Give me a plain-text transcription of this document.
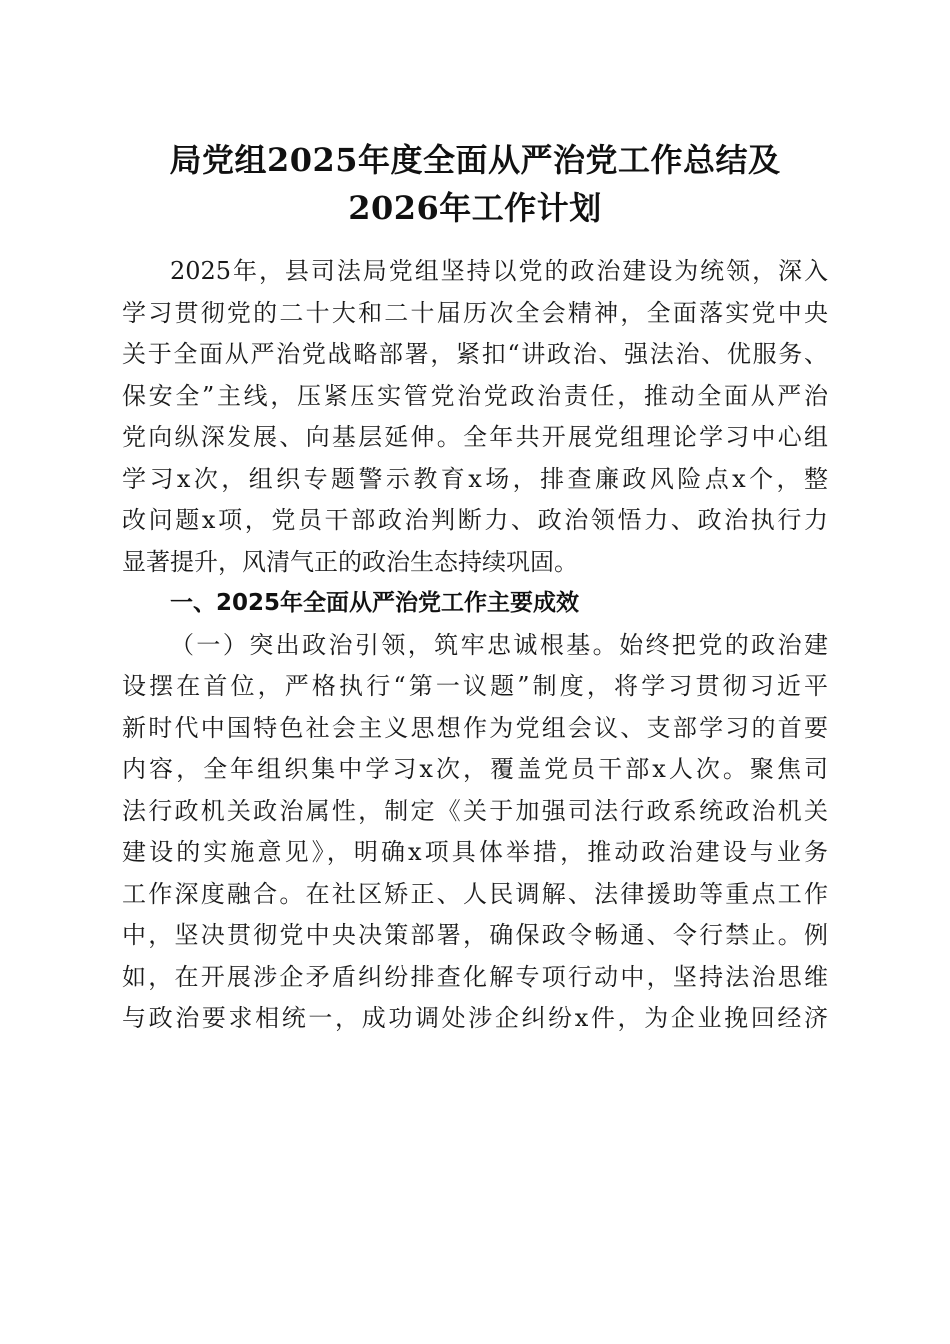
局党组2025年度全面从严治党工作总结及
2026年工作计划
2025年，县司法局党组坚持以党的政治建设为统领，深入
学习贯彻党的二十大和二十届历次全会精神，全面落实党中央
关于全面从严治党战略部署，紧扣“讲政治、强法治、优服务、
保安全”主线，压紧压实管党治党政治责任，推动全面从严治
党向纵深发展、向基层延伸。全年共开展党组理论学习中心组
学习x次，组织专题警示教育x场，排查廉政风险点x个，整
改问题x项，党员干部政治判断力、政治领悟力、政治执行力
显著提升，风清气正的政治生态持续巩固。
一、2025年全面从严治党工作主要成效
（一）突出政治引领，筑牢忠诚根基。始终把党的政治建
设摆在首位，严格执行“第一议题”制度，将学习贯彻习近平
新时代中国特色社会主义思想作为党组会议、支部学习的首要
内容，全年组织集中学习x次，覆盖党员干部x人次。聚焦司
法行政机关政治属性，制定《关于加强司法行政系统政治机关
建设的实施意见》，明确x项具体举措，推动政治建设与业务
工作深度融合。在社区矫正、人民调解、法律援助等重点工作
中，坚决贯彻党中央决策部署，确保政令畅通、令行禁止。例
如，在开展涉企矛盾纠纷排查化解专项行动中，坚持法治思维
与政治要求相统一，成功调处涉企纠纷x件，为企业挽回经济
